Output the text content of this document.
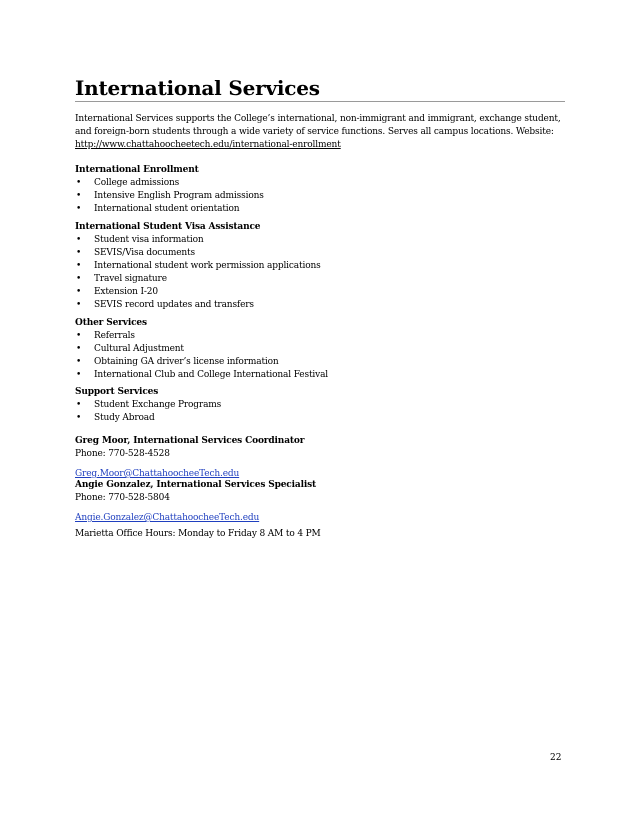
International Services
International Services supports the College’s international, non-immigrant and immigrant, exchange student,
and foreign-born students through a wide variety of service functions. Serves all campus locations. Website:
http://www.chattahoocheetech.edu/international-enrollment
International Enrollment
• College admissions
• Intensive English Program admissions
• International student orientation
International Student Visa Assistance
• Student visa information
• SEVIS/Visa documents
• International student work permission applications
• Travel signature
• Extension I-20
• SEVIS record updates and transfers
Other Services
• Referrals
• Cultural Adjustment
• Obtaining GA driver’s license information
• International Club and College International Festival
Support Services
• Student Exchange Programs
• Study Abroad
Greg Moor, International Services Coordinator
Phone: 770-528-4528
Greg.Moor@ChattahoocheeTech.edu
Angie Gonzalez, International Services Specialist
Phone: 770-528-5804
Angie.Gonzalez@ChattahoocheeTech.edu
Marietta Office Hours: Monday to Friday 8 AM to 4 PM
22
